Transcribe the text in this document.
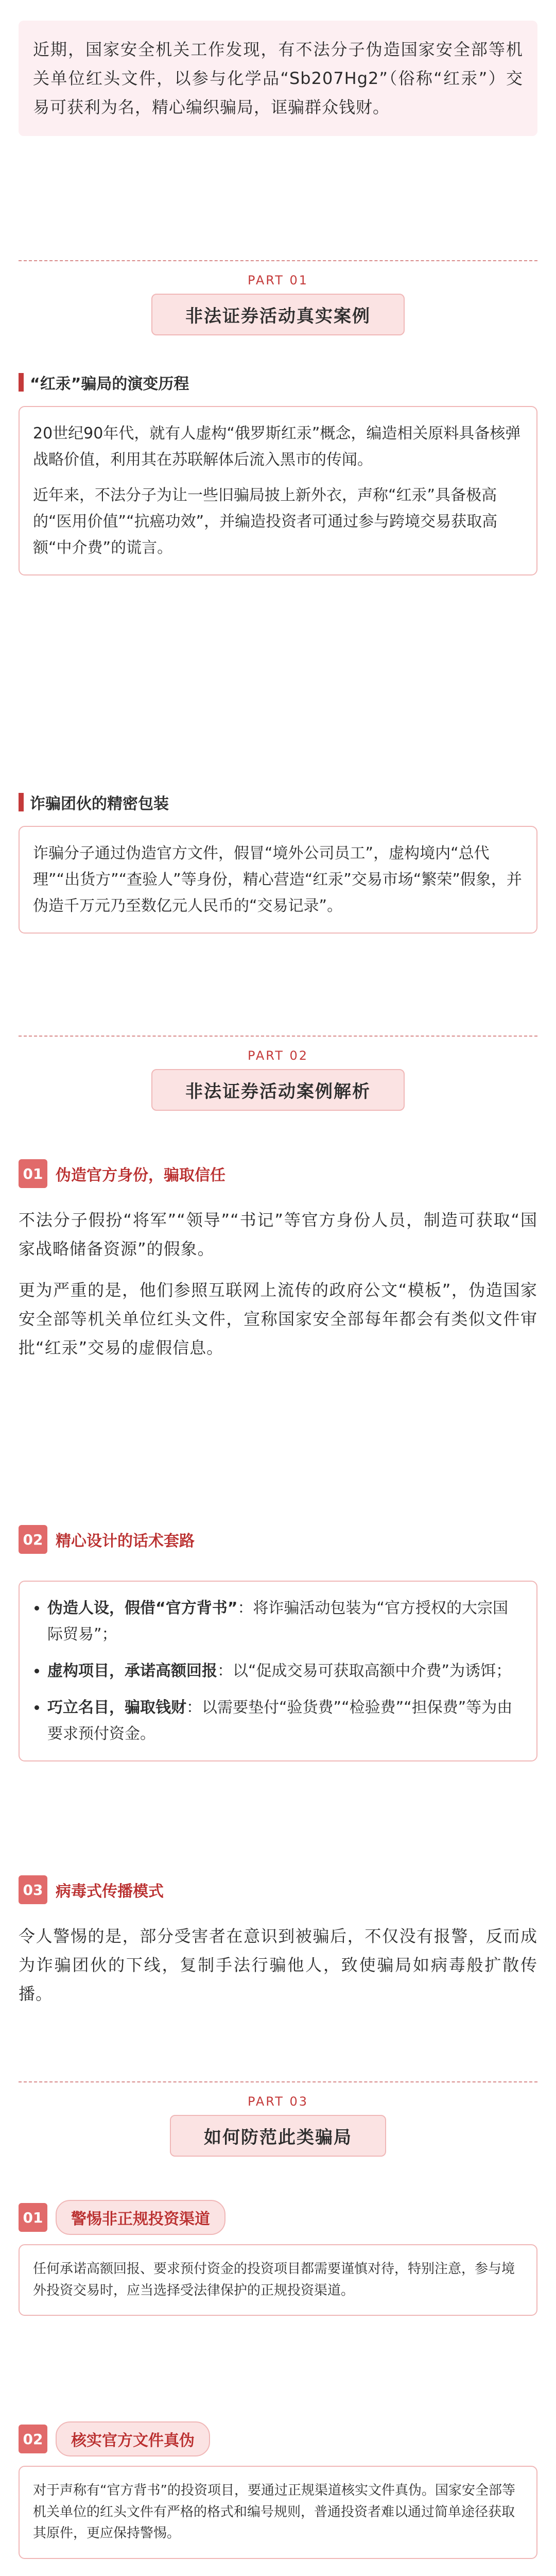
近期，国家安全机关工作发现，有不法分子伪造国家安全部等机关单位红头文件，以参与化学品“Sb207Hg2”（俗称“红汞”）交易可获利为名，精心编织骗局，诓骗群众钱财。
PART 01
非法证券活动真实案例
“红汞”骗局的演变历程

20世纪90年代，就有人虚构“俄罗斯红汞”概念，编造相关原料具备核弹战略价值，利用其在苏联解体后流入黑市的传闻。

近年来，不法分子为让一些旧骗局披上新外衣，声称“红汞”具备极高的“医用价值”“抗癌功效”，并编造投资者可通过参与跨境交易获取高额“中介费”的谎言。

诈骗团伙的精密包装

诈骗分子通过伪造官方文件，假冒“境外公司员工”，虚构境内“总代理”“出货方”“查验人”等身份，精心营造“红汞”交易市场“繁荣”假象，并伪造千万元乃至数亿元人民币的“交易记录”。

PART 02
非法证券活动案例解析
01 伪造官方身份，骗取信任

不法分子假扮“将军”“领导”“书记”等官方身份人员，制造可获取“国家战略储备资源”的假象。

更为严重的是，他们参照互联网上流传的政府公文“模板”，伪造国家安全部等机关单位红头文件，宣称国家安全部每年都会有类似文件审批“红汞”交易的虚假信息。

02 精心设计的话术套路
• 伪造人设，假借“官方背书”：将诈骗活动包装为“官方授权的大宗国际贸易”；
• 虚构项目，承诺高额回报：以“促成交易可获取高额中介费”为诱饵；
• 巧立名目，骗取钱财：以需要垫付“验货费”“检验费”“担保费”等为由要求预付资金。
03 病毒式传播模式

令人警惕的是，部分受害者在意识到被骗后，不仅没有报警，反而成为诈骗团伙的下线，复制手法行骗他人，致使骗局如病毒般扩散传播。

PART 03
如何防范此类骗局
01	警惕非正规投资渠道
任何承诺高额回报、要求预付资金的投资项目都需要谨慎对待，特别注意，参与境外投资交易时，应当选择受法律保护的正规投资渠道。
02	核实官方文件真伪
对于声称有“官方背书”的投资项目，要通过正规渠道核实文件真伪。国家安全部等机关单位的红头文件有严格的格式和编号规则，普通投资者难以通过简单途径获取其原件，更应保持警惕。
